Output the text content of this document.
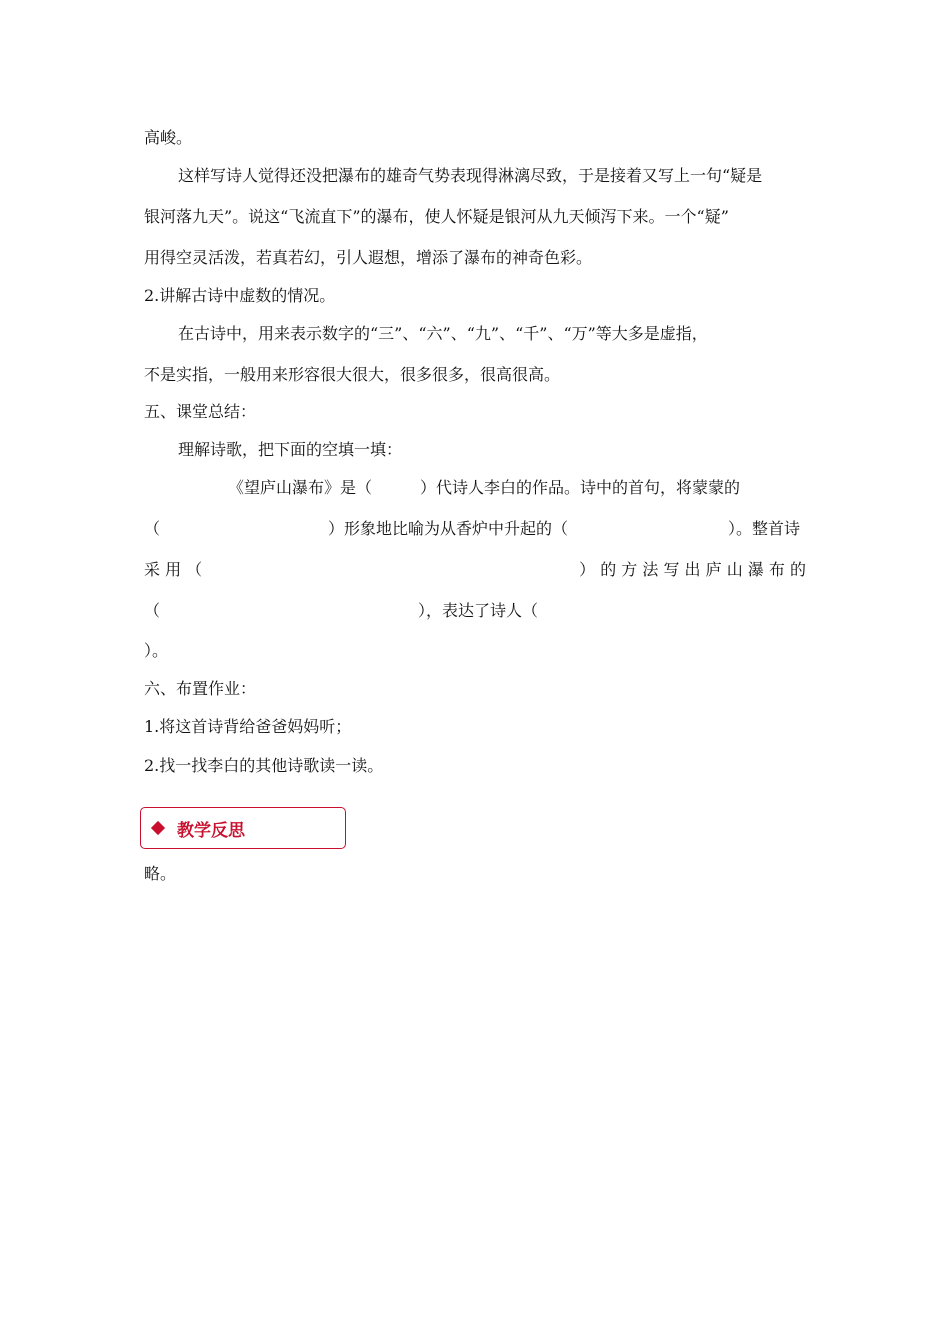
高峻。
这样写诗人觉得还没把瀑布的雄奇气势表现得淋漓尽致，于是接着又写上一句“疑是
银河落九天”。说这“飞流直下”的瀑布，使人怀疑是银河从九天倾泻下来。一个“疑”
用得空灵活泼，若真若幻，引人遐想，增添了瀑布的神奇色彩。
2.讲解古诗中虚数的情况。
在古诗中，用来表示数字的“三”、“六”、“九”、“千”、“万”等大多是虚指，
不是实指，一般用来形容很大很大，很多很多，很高很高。
五、课堂总结：
理解诗歌，把下面的空填一填：
《望庐山瀑布》是（	）代诗人李白的作品。诗中的首句，将蒙蒙的
（	）形象地比喻为从香炉中升起的（	）。整首诗
采 用 （	） 的 方 法 写 出 庐 山 瀑 布 的
（	），表达了诗人（
）。
六、布置作业：
1.将这首诗背给爸爸妈妈听；
2.找一找李白的其他诗歌读一读。
教学反思
略。
